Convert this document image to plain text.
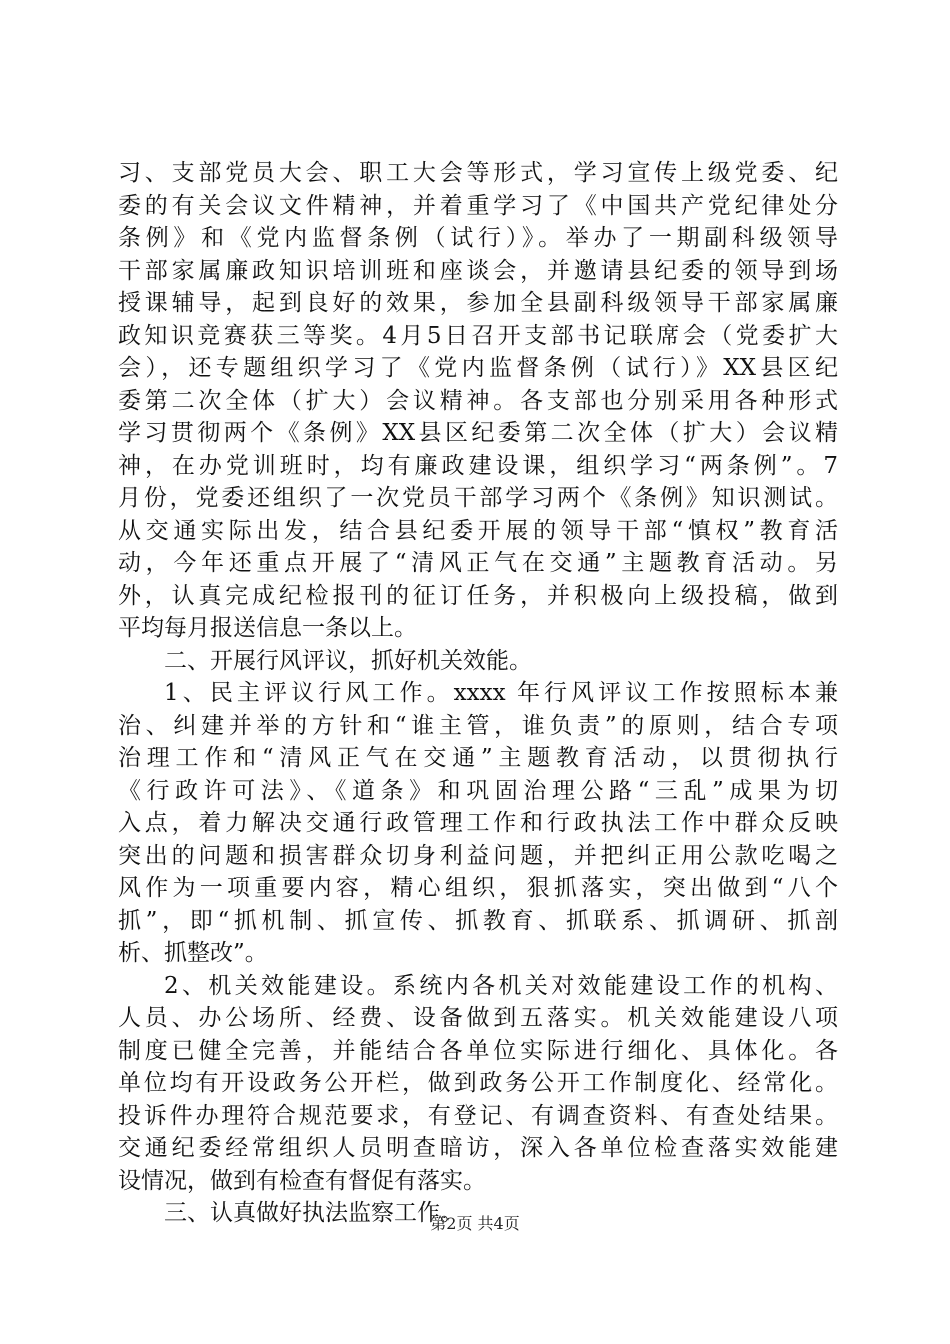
习、支部党员大会、职工大会等形式，学习宣传上级党委、纪
委的有关会议文件精神，并着重学习了《中国共产党纪律处分
条例》和《党内监督条例（试行）》。举办了一期副科级领导
干部家属廉政知识培训班和座谈会，并邀请县纪委的领导到场
授课辅导，起到良好的效果，参加全县副科级领导干部家属廉
政知识竞赛获三等奖。4月5日召开支部书记联席会（党委扩大
会），还专题组织学习了《党内监督条例（试行）》XX县区纪
委第二次全体（扩大）会议精神。各支部也分别采用各种形式
学习贯彻两个《条例》XX县区纪委第二次全体（扩大）会议精
神，在办党训班时，均有廉政建设课，组织学习“两条例”。7
月份，党委还组织了一次党员干部学习两个《条例》知识测试。
从交通实际出发，结合县纪委开展的领导干部“慎权”教育活
动，今年还重点开展了“清风正气在交通”主题教育活动。另
外，认真完成纪检报刊的征订任务，并积极向上级投稿，做到
平均每月报送信息一条以上。
二、开展行风评议，抓好机关效能。
1、民主评议行风工作。xxxx 年行风评议工作按照标本兼
治、纠建并举的方针和“谁主管，谁负责”的原则，结合专项
治理工作和“清风正气在交通”主题教育活动，以贯彻执行
《行政许可法》、《道条》和巩固治理公路“三乱”成果为切
入点，着力解决交通行政管理工作和行政执法工作中群众反映
突出的问题和损害群众切身利益问题，并把纠正用公款吃喝之
风作为一项重要内容，精心组织，狠抓落实，突出做到“八个
抓”，即“抓机制、抓宣传、抓教育、抓联系、抓调研、抓剖
析、抓整改”。
2、机关效能建设。系统内各机关对效能建设工作的机构、
人员、办公场所、经费、设备做到五落实。机关效能建设八项
制度已健全完善，并能结合各单位实际进行细化、具体化。各
单位均有开设政务公开栏，做到政务公开工作制度化、经常化。
投诉件办理符合规范要求，有登记、有调查资料、有查处结果。
交通纪委经常组织人员明查暗访，深入各单位检查落实效能建
设情况，做到有检查有督促有落实。
三、认真做好执法监察工作。
第2页 共4页
